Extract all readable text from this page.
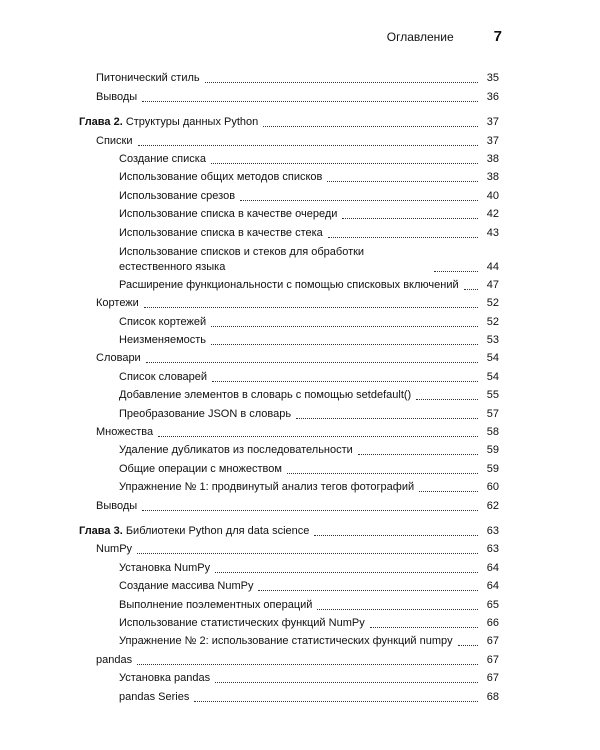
Оглавление	7
Питонический стиль	35
Выводы	36
Глава 2. Структуры данных Python	37
Списки	37
Создание списка	38
Использование общих методов списков	38
Использование срезов	40
Использование списка в качестве очереди	42
Использование списка в качестве стека	43
Использование списков и стеков для обработки естественного языка	44
Расширение функциональности с помощью списковых включений	47
Кортежи	52
Список кортежей	52
Неизменяемость	53
Словари	54
Список словарей	54
Добавление элементов в словарь с помощью setdefault()	55
Преобразование JSON в словарь	57
Множества	58
Удаление дубликатов из последовательности	59
Общие операции с множеством	59
Упражнение № 1: продвинутый анализ тегов фотографий	60
Выводы	62
Глава 3. Библиотеки Python для data science	63
NumPy	63
Установка NumPy	64
Создание массива NumPy	64
Выполнение поэлементных операций	65
Использование статистических функций NumPy	66
Упражнение № 2: использование статистических функций numpy	67
pandas	67
Установка pandas	67
pandas Series	68
